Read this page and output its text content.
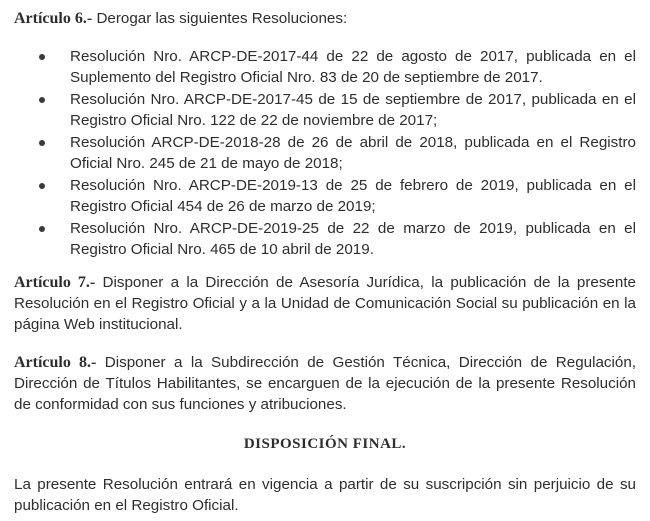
Artículo 6.- Derogar las siguientes Resoluciones:

Resolución Nro. ARCP-DE-2017-44 de 22 de agosto de 2017, publicada en el Suplemento del Registro Oficial Nro. 83 de 20 de septiembre de 2017.
Resolución Nro. ARCP-DE-2017-45 de 15 de septiembre de 2017, publicada en el Registro Oficial Nro. 122 de 22 de noviembre de 2017;
Resolución ARCP-DE-2018-28 de 26 de abril de 2018, publicada en el Registro Oficial Nro. 245 de 21 de mayo de 2018;
Resolución Nro. ARCP-DE-2019-13 de 25 de febrero de 2019, publicada en el Registro Oficial 454 de 26 de marzo de 2019;
Resolución Nro. ARCP-DE-2019-25 de 22 de marzo de 2019, publicada en el Registro Oficial Nro. 465 de 10 abril de 2019.

Artículo 7.- Disponer a la Dirección de Asesoría Jurídica, la publicación de la presente Resolución en el Registro Oficial y a la Unidad de Comunicación Social su publicación en la página Web institucional.

Artículo 8.- Disponer a la Subdirección de Gestión Técnica, Dirección de Regulación, Dirección de Títulos Habilitantes, se encarguen de la ejecución de la presente Resolución de conformidad con sus funciones y atribuciones.

DISPOSICIÓN FINAL.

La presente Resolución entrará en vigencia a partir de su suscripción sin perjuicio de su publicación en el Registro Oficial.
